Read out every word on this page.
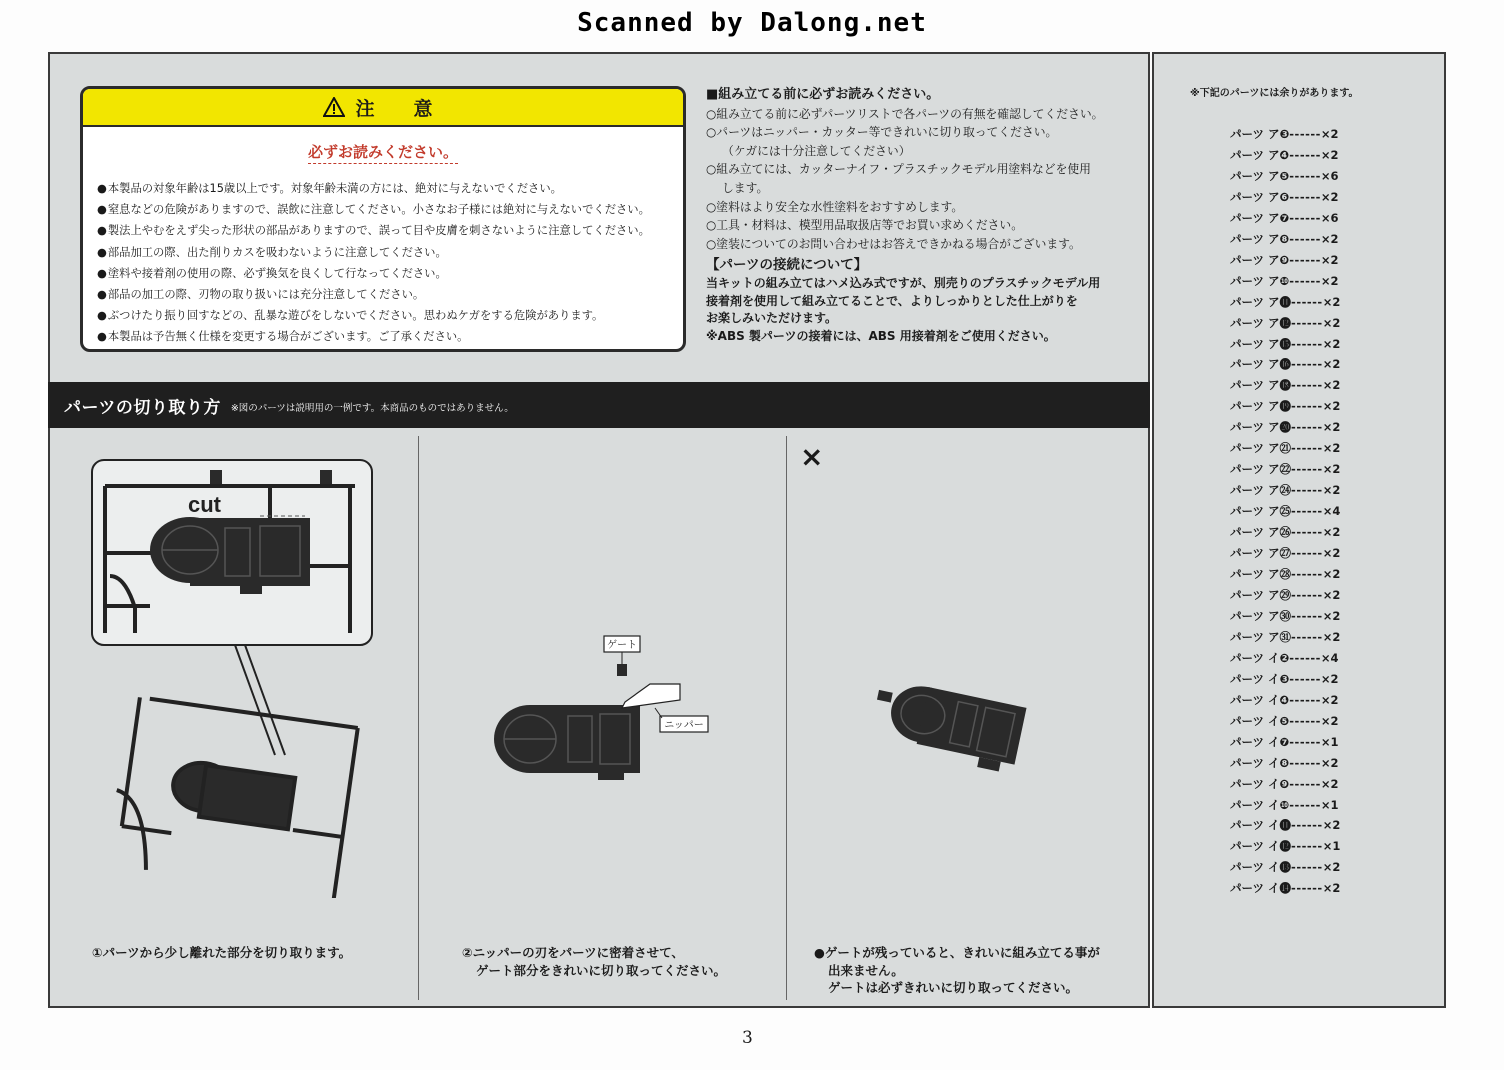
Scanned by Dalong.net
注　意
必ずお読みください。
● 本製品の対象年齢は15歳以上です。対象年齢未満の方には、絶対に与えないでください。
● 窒息などの危険がありますので、誤飲に注意してください。小さなお子様には絶対に与えないでください。
● 製法上やむをえず尖った形状の部品がありますので、誤って目や皮膚を刺さないように注意してください。
● 部品加工の際、出た削りカスを吸わないように注意してください。
● 塗料や接着剤の使用の際、必ず換気を良くして行なってください。
● 部品の加工の際、刃物の取り扱いには充分注意してください。
● ぶつけたり振り回すなどの、乱暴な遊びをしないでください。思わぬケガをする危険があります。
● 本製品は予告無く仕様を変更する場合がございます。ご了承ください。
■組み立てる前に必ずお読みください。
○組み立てる前に必ずパーツリストで各パーツの有無を確認してください。
○パーツはニッパー・カッター等できれいに切り取ってください。
（ケガには十分注意してください）
○組み立てには、カッターナイフ・プラスチックモデル用塗料などを使用
します。
○塗料はより安全な水性塗料をおすすめします。
○工具・材料は、模型用品取扱店等でお買い求めください。
○塗装についてのお問い合わせはお答えできかねる場合がございます。
【パーツの接続について】
当キットの組み立てはハメ込み式ですが、別売りのプラスチックモデル用
接着剤を使用して組み立てることで、よりしっかりとした仕上がりを
お楽しみいただけます。
※ABS 製パーツの接着には、ABS 用接着剤をご使用ください。
パーツの切り取り方 ※図のパーツは説明用の一例です。本商品のものではありません。
cut
ゲート
ニッパー
×
①パーツから少し離れた部分を切り取ります。	②ニッパーの刃をパーツに密着させて、
ゲート部分をきれいに切り取ってください。
●ゲートが残っていると、きれいに組み立てる事が
出来ません。
ゲートは必ずきれいに切り取ってください。
※下記のパーツには余りがあります。
パーツ ア❸------×2
パーツ ア❹------×2
パーツ ア❺------×6
パーツ ア❻------×2
パーツ ア❼------×6
パーツ ア❽------×2
パーツ ア❾------×2
パーツ ア❿------×2
パーツ ア⓫------×2
パーツ ア⓬------×2
パーツ ア⓯------×2
パーツ ア⓰------×2
パーツ ア⓲------×2
パーツ ア⓳------×2
パーツ ア⓴------×2
パーツ ア㉑------×2
パーツ ア㉒------×2
パーツ ア㉔------×2
パーツ ア㉕------×4
パーツ ア㉖------×2
パーツ ア㉗------×2
パーツ ア㉘------×2
パーツ ア㉙------×2
パーツ ア㉚------×2
パーツ ア㉛------×2
パーツ イ❷------×4
パーツ イ❸------×2
パーツ イ❹------×2
パーツ イ❺------×2
パーツ イ❼------×1
パーツ イ❽------×2
パーツ イ❾------×2
パーツ イ❿------×1
パーツ イ⓫------×2
パーツ イ⓬------×1
パーツ イ⓭------×2
パーツ イ⓮------×2
3
